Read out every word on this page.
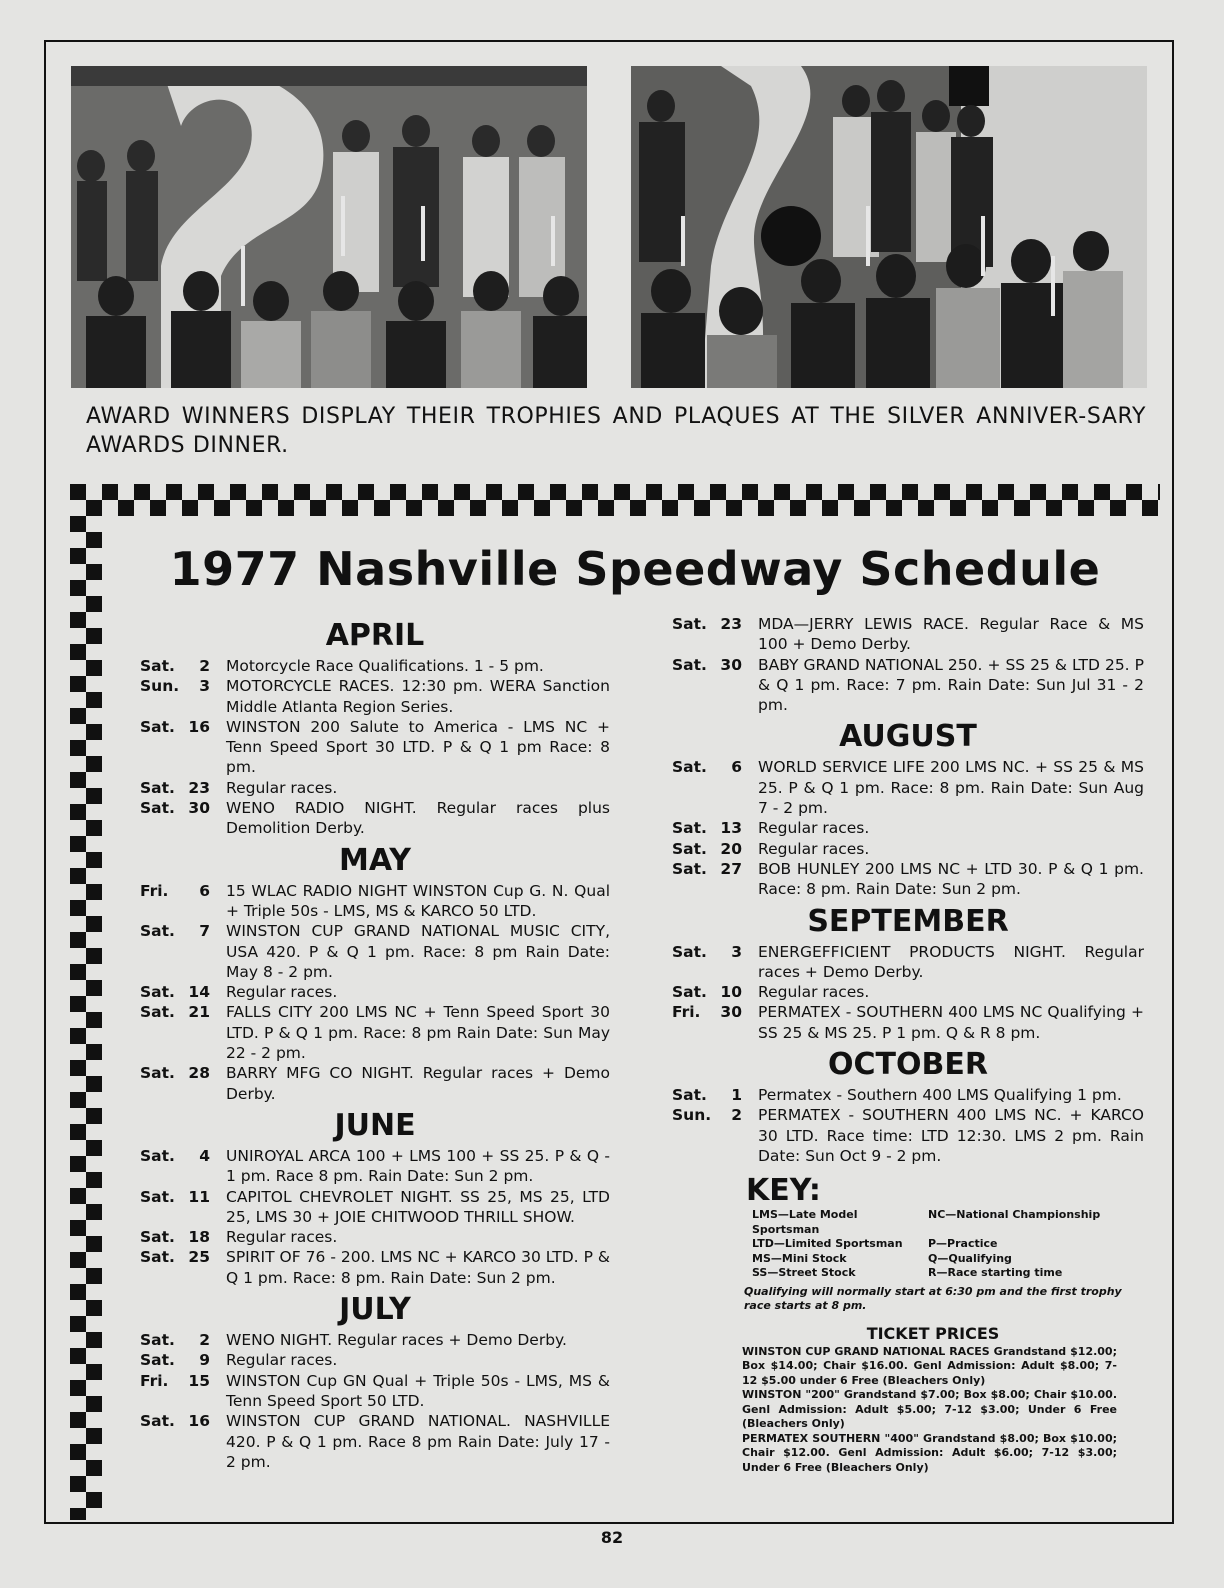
AWARD WINNERS DISPLAY THEIR TROPHIES AND PLAQUES AT THE SILVER ANNIVER-SARY AWARDS DINNER.
1977 Nashville Speedway Schedule
APRIL
Sat.	2 Motorcycle Race Qualifications. 1 - 5 pm.
Sun.	3 MOTORCYCLE RACES. 12:30 pm. WERA Sanction Middle Atlanta Region Series.
Sat. 16 WINSTON 200 Salute to America - LMS NC + Tenn Speed Sport 30 LTD. P & Q 1 pm Race: 8 pm.
Sat. 23 Regular races.
Sat. 30 WENO RADIO NIGHT. Regular races plus Demolition Derby.
MAY
Fri.	6 15 WLAC RADIO NIGHT WINSTON Cup G. N. Qual + Triple 50s - LMS, MS & KARCO 50 LTD.
Sat.	7 WINSTON CUP GRAND NATIONAL MUSIC CITY, USA 420. P & Q 1 pm. Race: 8 pm Rain Date: May 8 - 2 pm.
Sat. 14 Regular races.
Sat. 21 FALLS CITY 200 LMS NC + Tenn Speed Sport 30 LTD. P & Q 1 pm. Race: 8 pm Rain Date: Sun May 22 - 2 pm.
Sat. 28 BARRY MFG CO NIGHT. Regular races + Demo Derby.
JUNE
Sat.	4 UNIROYAL ARCA 100 + LMS 100 + SS 25. P & Q - 1 pm. Race 8 pm. Rain Date: Sun 2 pm.
Sat. 11 CAPITOL CHEVROLET NIGHT. SS 25, MS 25, LTD 25, LMS 30 + JOIE CHITWOOD THRILL SHOW.
Sat. 18 Regular races.
Sat. 25 SPIRIT OF 76 - 200. LMS NC + KARCO 30 LTD. P & Q 1 pm. Race: 8 pm. Rain Date: Sun 2 pm.
JULY
Sat.	2 WENO NIGHT. Regular races + Demo Derby.
Sat.	9 Regular races.
Fri.	15 WINSTON Cup GN Qual + Triple 50s - LMS, MS & Tenn Speed Sport 50 LTD.
Sat. 16 WINSTON CUP GRAND NATIONAL. NASHVILLE 420. P & Q 1 pm. Race 8 pm Rain Date: July 17 - 2 pm.
Sat. 23 MDA—JERRY LEWIS RACE. Regular Race & MS 100 + Demo Derby.
Sat. 30 BABY GRAND NATIONAL 250. + SS 25 & LTD 25. P & Q 1 pm. Race: 7 pm. Rain Date: Sun Jul 31 - 2 pm.
AUGUST
Sat.	6 WORLD SERVICE LIFE 200 LMS NC. + SS 25 & MS 25. P & Q 1 pm. Race: 8 pm. Rain Date: Sun Aug 7 - 2 pm.
Sat. 13 Regular races.
Sat. 20 Regular races.
Sat. 27 BOB HUNLEY 200 LMS NC + LTD 30. P & Q 1 pm. Race: 8 pm. Rain Date: Sun 2 pm.
SEPTEMBER
Sat.	3 ENERGEFFICIENT PRODUCTS NIGHT. Regular races + Demo Derby.
Sat. 10 Regular races.
Fri.	30 PERMATEX - SOUTHERN 400 LMS NC Qualifying + SS 25 & MS 25. P 1 pm. Q & R 8 pm.
OCTOBER
Sat.	1 Permatex - Southern 400 LMS Qualifying 1 pm.
Sun.	2 PERMATEX - SOUTHERN 400 LMS NC. + KARCO 30 LTD. Race time: LTD 12:30. LMS 2 pm. Rain Date: Sun Oct 9 - 2 pm.
KEY:
LMS—Late Model Sportsman
NC—National Championship
LTD—Limited Sportsman	P—Practice
MS—Mini Stock	Q—Qualifying
SS—Street Stock	R—Race starting time
Qualifying will normally start at 6:30 pm and the first trophy race starts at 8 pm.
TICKET PRICES
WINSTON CUP GRAND NATIONAL RACES Grandstand $12.00; Box $14.00; Chair $16.00. Genl Admission: Adult $8.00; 7-12 $5.00 under 6 Free (Bleachers Only)
WINSTON "200" Grandstand $7.00; Box $8.00; Chair $10.00. Genl Admission: Adult $5.00; 7-12 $3.00; Under 6 Free (Bleachers Only)
PERMATEX SOUTHERN "400" Grandstand $8.00; Box $10.00; Chair $12.00. Genl Admission: Adult $6.00; 7-12 $3.00; Under 6 Free (Bleachers Only)
82
